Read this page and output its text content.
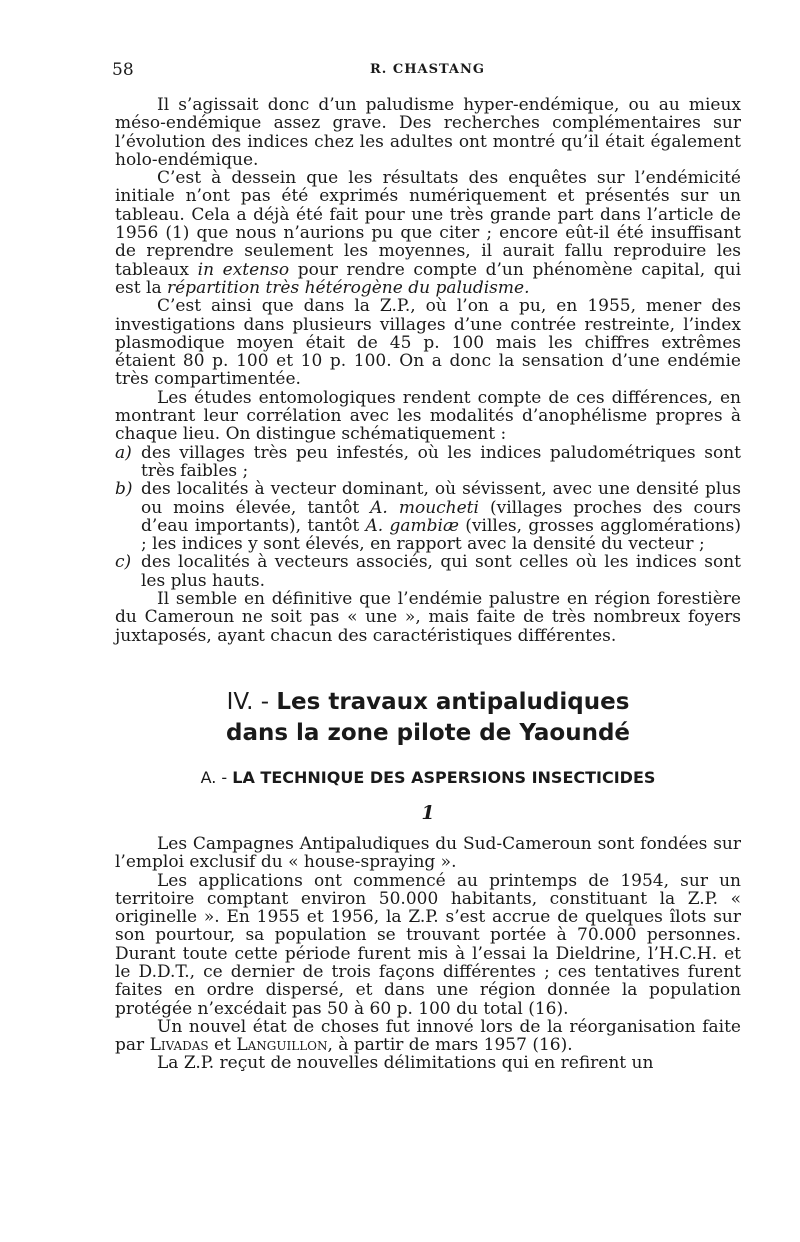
58	R. CHASTANG

Il s’agissait donc d’un paludisme hyper-endémique, ou au mieux méso-endémique assez grave. Des recherches complémentaires sur l’évolution des indices chez les adultes ont montré qu’il était également holo-endémique.

C’est à dessein que les résultats des enquêtes sur l’endémicité initiale n’ont pas été exprimés numériquement et présentés sur un tableau. Cela a déjà été fait pour une très grande part dans l’article de 1956 (1) que nous n’aurions pu que citer ; encore eût-il été insuffisant de reprendre seulement les moyennes, il aurait fallu reproduire les tableaux in extenso pour rendre compte d’un phénomène capital, qui est la répartition très hétérogène du paludisme.

C’est ainsi que dans la Z.P., où l’on a pu, en 1955, mener des investigations dans plusieurs villages d’une contrée restreinte, l’index plasmodique moyen était de 45 p. 100 mais les chiffres extrêmes étaient 80 p. 100 et 10 p. 100. On a donc la sensation d’une endémie très compartimentée.

Les études entomologiques rendent compte de ces différences, en montrant leur corrélation avec les modalités d’anophélisme propres à chaque lieu. On distingue schématiquement :

a) des villages très peu infestés, où les indices paludométriques sont très faibles ;
b) des localités à vecteur dominant, où sévissent, avec une densité plus ou moins élevée, tantôt A. moucheti (villages proches des cours d’eau importants), tantôt A. gambiæ (villes, grosses agglomérations) ; les indices y sont élevés, en rapport avec la densité du vecteur ;
c) des localités à vecteurs associés, qui sont celles où les indices sont les plus hauts.

Il semble en définitive que l’endémie palustre en région forestière du Cameroun ne soit pas « une », mais faite de très nombreux foyers juxtaposés, ayant chacun des caractéristiques différentes.

IV. - Les travaux antipaludiques
dans la zone pilote de Yaoundé
A. - LA TECHNIQUE DES ASPERSIONS INSECTICIDES
1

Les Campagnes Antipaludiques du Sud-Cameroun sont fondées sur l’emploi exclusif du « house-spraying ».

Les applications ont commencé au printemps de 1954, sur un territoire comptant environ 50.000 habitants, constituant la Z.P. « originelle ». En 1955 et 1956, la Z.P. s’est accrue de quelques îlots sur son pourtour, sa population se trouvant portée à 70.000 personnes. Durant toute cette période furent mis à l’essai la Dieldrine, l’H.C.H. et le D.D.T., ce dernier de trois façons différentes ; ces tentatives furent faites en ordre dispersé, et dans une région donnée la population protégée n’excédait pas 50 à 60 p. 100 du total (16).

Un nouvel état de choses fut innové lors de la réorganisation faite par Livadas et Languillon, à partir de mars 1957 (16).

La Z.P. reçut de nouvelles délimitations qui en refirent un
